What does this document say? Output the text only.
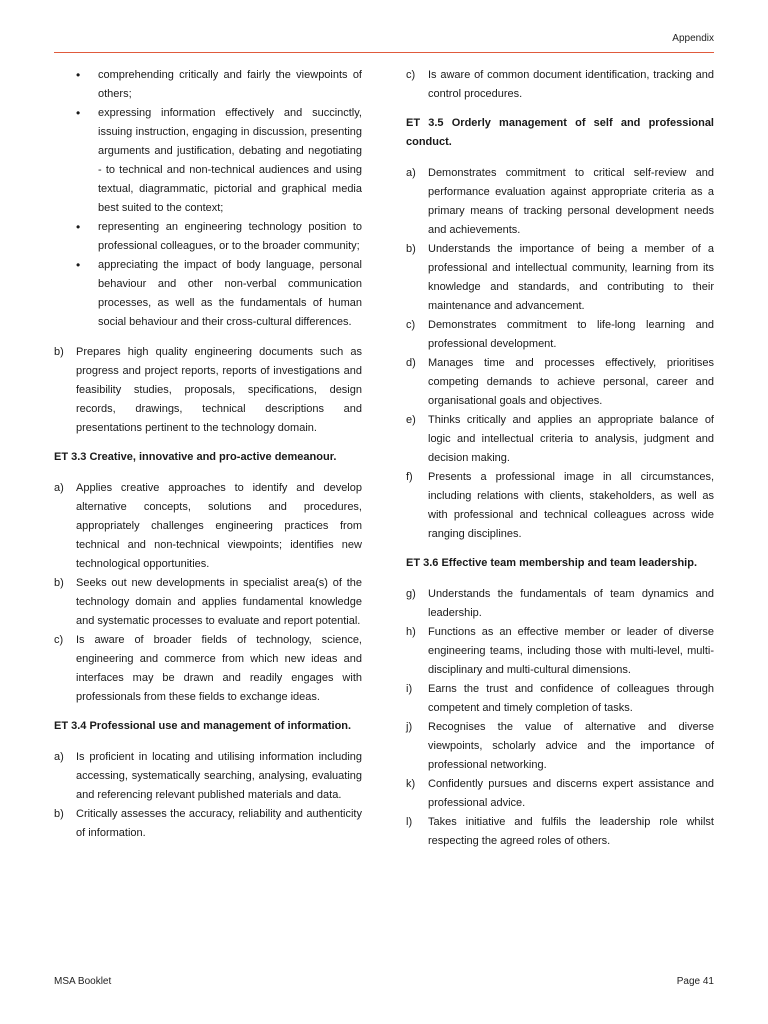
Appendix
• comprehending critically and fairly the viewpoints of others;
• expressing information effectively and succinctly, issuing instruction, engaging in discussion, presenting arguments and justification, debating and negotiating - to technical and non-technical audiences and using textual, diagrammatic, pictorial and graphical media best suited to the context;
• representing an engineering technology position to professional colleagues, or to the broader community;
• appreciating the impact of body language, personal behaviour and other non-verbal communication processes, as well as the fundamentals of human social behaviour and their cross-cultural differences.
b) Prepares high quality engineering documents such as progress and project reports, reports of investigations and feasibility studies, proposals, specifications, design records, drawings, technical descriptions and presentations pertinent to the technology domain.
ET 3.3 Creative, innovative and pro-active demeanour.
a) Applies creative approaches to identify and develop alternative concepts, solutions and procedures, appropriately challenges engineering practices from technical and non-technical viewpoints; identifies new technological opportunities.
b) Seeks out new developments in specialist area(s) of the technology domain and applies fundamental knowledge and systematic processes to evaluate and report potential.
c) Is aware of broader fields of technology, science, engineering and commerce from which new ideas and interfaces may be drawn and readily engages with professionals from these fields to exchange ideas.
ET 3.4 Professional use and management of information.
a) Is proficient in locating and utilising information including accessing, systematically searching, analysing, evaluating and referencing relevant published materials and data.
b) Critically assesses the accuracy, reliability and authenticity of information.
c) Is aware of common document identification, tracking and control procedures.
ET 3.5 Orderly management of self and professional conduct.
a) Demonstrates commitment to critical self-review and performance evaluation against appropriate criteria as a primary means of tracking personal development needs and achievements.
b) Understands the importance of being a member of a professional and intellectual community, learning from its knowledge and standards, and contributing to their maintenance and advancement.
c) Demonstrates commitment to life-long learning and professional development.
d) Manages time and processes effectively, prioritises competing demands to achieve personal, career and organisational goals and objectives.
e) Thinks critically and applies an appropriate balance of logic and intellectual criteria to analysis, judgment and decision making.
f) Presents a professional image in all circumstances, including relations with clients, stakeholders, as well as with professional and technical colleagues across wide ranging disciplines.
ET 3.6 Effective team membership and team leadership.
g) Understands the fundamentals of team dynamics and leadership.
h) Functions as an effective member or leader of diverse engineering teams, including those with multi-level, multi-disciplinary and multi-cultural dimensions.
i) Earns the trust and confidence of colleagues through competent and timely completion of tasks.
j) Recognises the value of alternative and diverse viewpoints, scholarly advice and the importance of professional networking.
k) Confidently pursues and discerns expert assistance and professional advice.
l) Takes initiative and fulfils the leadership role whilst respecting the agreed roles of others.
MSA Booklet	Page 41
